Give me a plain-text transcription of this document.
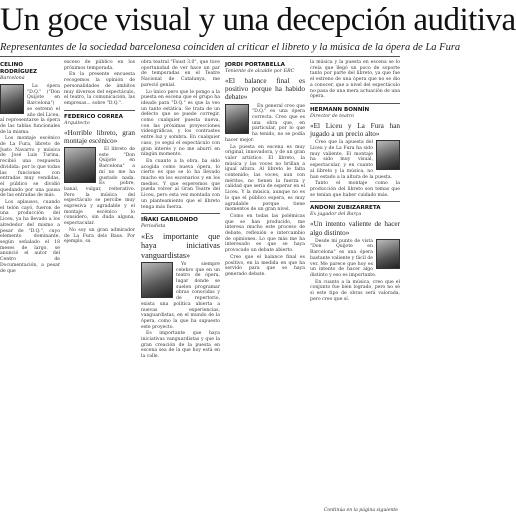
Un goce visual y una decepción auditiva
Representantes de la sociedad barcelonesa coinciden al criticar el libreto y la música de la ópera de La Fura
CELINO RODRÍGUEZ
Barcelona

La ópera "D.Q." ("Don Quijote en Barcelona") se estrenó el año del Liceu, al representarse la ópera de las tablas funcionales de la misma.

Los montaje escénico de La Fura, libreto de Justo Navarro y música de José Luis Turina, recibió una respuesta dividida: por lo que todas las funciones con entradas muy vendidas, el público se dividió quedando por una pausa de las entradas de más.

Los aplausos, cuando el telón cayó, fueron de una producción del Liceu, ya ha llevado a los alrededor del mismo a pesar de "D.Q.", cuyo elemento dominante, según señalado el 18 meses de largo, se anunció el autor del Centro de Documentación, a pesar de que

exceso de público en los próximos temporada.

En la presente encuesta recogemos la opinión de personalidades de ámbitos muy diversos del espectáculo, el teatro, la comunicación, las empresas... sobre "D.Q.".

FEDERICO CORREA
Arquitecto
«Horrible libreto, gran montaje escénico»

El libreto de este "Don Quijote en Barcelona" a mí no me ha gustado nada. Es pobre, banal, vulgar, reiterativo. Pero la música del espectáculo se percibe muy expresiva y agradable y el montaje escénico lo considero, sin duda alguna, espectacular.

No soy un gran admirador de La Fura dels Baus. Por ejemplo, su

obra teatral "Faust 3.0", que tuve oportunidad de ver hace un par de temporadas en el Teatre Nacional de Catalunya, me pareció genial.

Lo único pero que le pongo a la puesta en escena que el grupo ha ideado para "D.Q." es que la veo un tanto estática. Se trata de un defecto que se puede corregir, como cualquier puesta nueva, con las próximas proyecciones videográficas, y los contrastes entre luz y sombra. En cualquier caso, yo seguí el espectáculo con gran interés y no me aburrí en ningún momento.

En cuanto a la obra, ha sido acogida como nueva ópera, lo cierto es que se lo ha llevado mucho en los escenarios y en los medios. Y que esperemos que pueda volver al Gran Teatre del Liceu, pero esta vez montada con un planteamiento que el libreto tenga más fuerza.

IÑAKI GABILONDO
Periodista
«Es importante que haya iniciativas vanguardistas»

Yo siempre celebro que en un teatro de ópera, lugar donde se suelen programar obras conocidas y de repertorio, exista una política abierta a nuevas experiencias, vanguardistas, en el mundo de la ópera, como la que ha supuesto este proyecto.

Es importante que haya iniciativas vanguardistas y que la gran creación de la puesta en escena sea de la que hoy está en la calle.

JORDI PORTABELLA
Teniente de alcalde por ERC
«El balance final es positivo porque ha habido debate»

En general creo que "D.Q." es una ópera correcta. Creo que es una obra que, en particular, por lo que ha tenido, no se podía hacer mejor.

La puesta en escena es muy original, innovadora, y de un gran valor artístico. El libreto, la música y las voces no brillan a igual altura. Al libreto le falta contenido; las voces, aun con méritos, no tienen la fuerza y calidad que sería de esperar en el Liceu. Y la música, aunque no es lo que el público espera, es muy agradable porque tiene momentos de un gran nivel.

Como en todas las polémicas que se han producido, me interesa mucho este proceso de debate, reflexión e intercambio de opiniones. Lo que más me ha interesado es que se haya provocado un debate abierto.

Creo que el balance final es positivo, en la medida en que ha servido para que se haya generado debate.

la música y la puesta en escena se lo creía que llegó un poco de soporte tanto por parte del libreto, ya que fue el estreno de una ópera que no se dio a conocer, que a nivel del espectáculo no pasa de una mera actuación de una ópera.

HERMANN BONNÍN
Director de teatro
«El Liceu y La Fura han jugado a un precio alto»

Creo que la apuesta del Liceu y de La Fura ha sido muy valiente. El montaje ha sido muy visual, espectacular, y en cuanto al libreto y la música, no han estado a la altura de la puesta.

Tanto el montaje como la producción del libreto son temas que se tenían que haber cuidado más.

ANDONI ZUBIZARRETA
Ex jugador del Barça
«Un intento valiente de hacer algo distinto»

Desde mi punto de vista "Don Quijote en Barcelona" es una ópera bastante valiente y fácil de ver. Me parece que hoy es un intento de hacer algo distinto y eso es importante.

En cuanto a la música, creo que el conjunto fue bien logrado, pero no sé si este tipo de obras será valorada, pero creo que sí.

Continúa en la página siguiente
